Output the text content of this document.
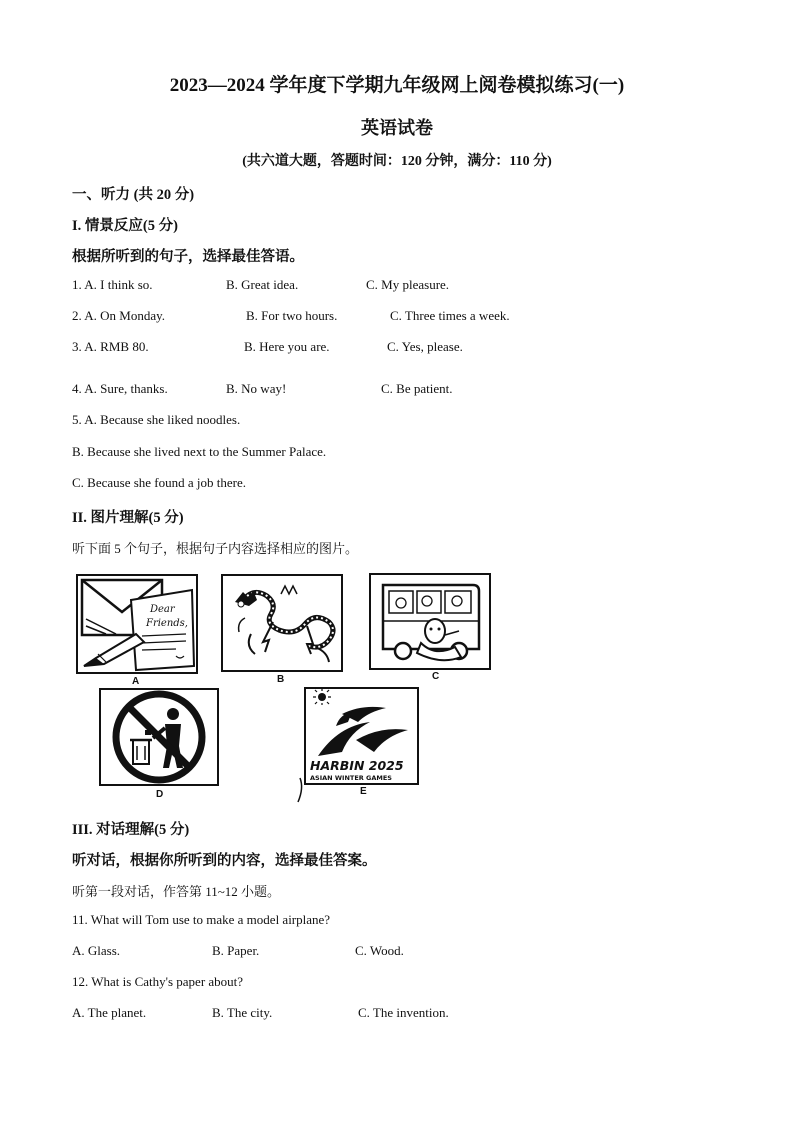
2023—2024 学年度下学期九年级网上阅卷模拟练习(一)
英语试卷
(共六道大题，答题时间：120 分钟，满分：110 分)
一、听力 (共 20 分)
I. 情景反应(5 分)
根据所听到的句子，选择最佳答语。
1. A. I think so.	B. Great idea.	C. My pleasure.
2. A. On Monday.	B. For two hours.	C. Three times a week.
3. A. RMB 80.	B. Here you are.	C. Yes, please.
4. A. Sure, thanks.	B. No way!	C. Be patient.
5. A. Because she liked noodles.
B. Because she lived next to the Summer Palace.
C. Because she found a job there.
II. 图片理解(5 分)
听下面 5 个句子，根据句子内容选择相应的图片。
Dear
Friends,
A	B	C
D
HARBIN 2025
ASIAN WINTER GAMES
E
III. 对话理解(5 分)
听对话，根据你所听到的内容，选择最佳答案。
听第一段对话，作答第 11~12 小题。
11. What will Tom use to make a model airplane?
A. Glass.	B. Paper.	C. Wood.
12. What is Cathy's paper about?
A. The planet.	B. The city.	C. The invention.
